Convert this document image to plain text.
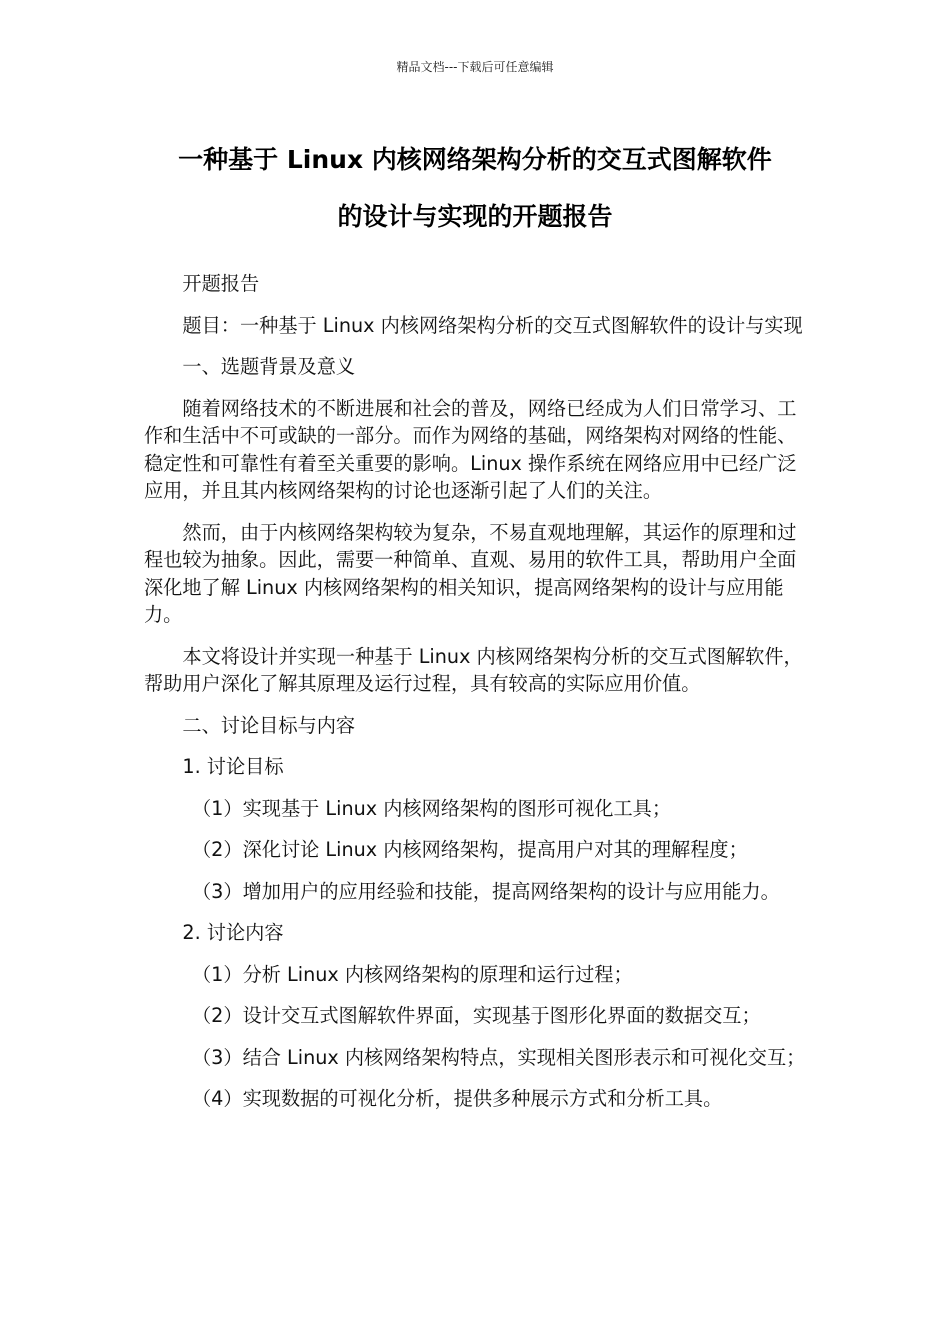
精品文档---下载后可任意编辑
一种基于 Linux 内核网络架构分析的交互式图解软件
的设计与实现的开题报告

开题报告

题目：一种基于 Linux 内核网络架构分析的交互式图解软件的设计与实现

一、选题背景及意义

随着网络技术的不断进展和社会的普及，网络已经成为人们日常学习、工作和生活中不可或缺的一部分。而作为网络的基础，网络架构对网络的性能、稳定性和可靠性有着至关重要的影响。Linux 操作系统在网络应用中已经广泛应用，并且其内核网络架构的讨论也逐渐引起了人们的关注。

然而，由于内核网络架构较为复杂，不易直观地理解，其运作的原理和过程也较为抽象。因此，需要一种简单、直观、易用的软件工具，帮助用户全面深化地了解 Linux 内核网络架构的相关知识，提高网络架构的设计与应用能力。

本文将设计并实现一种基于 Linux 内核网络架构分析的交互式图解软件，帮助用户深化了解其原理及运行过程，具有较高的实际应用价值。

二、讨论目标与内容

1. 讨论目标

（1）实现基于 Linux 内核网络架构的图形可视化工具；

（2）深化讨论 Linux 内核网络架构，提高用户对其的理解程度；

（3）增加用户的应用经验和技能，提高网络架构的设计与应用能力。

2. 讨论内容

（1）分析 Linux 内核网络架构的原理和运行过程；

（2）设计交互式图解软件界面，实现基于图形化界面的数据交互；

（3）结合 Linux 内核网络架构特点，实现相关图形表示和可视化交互；

（4）实现数据的可视化分析，提供多种展示方式和分析工具。
